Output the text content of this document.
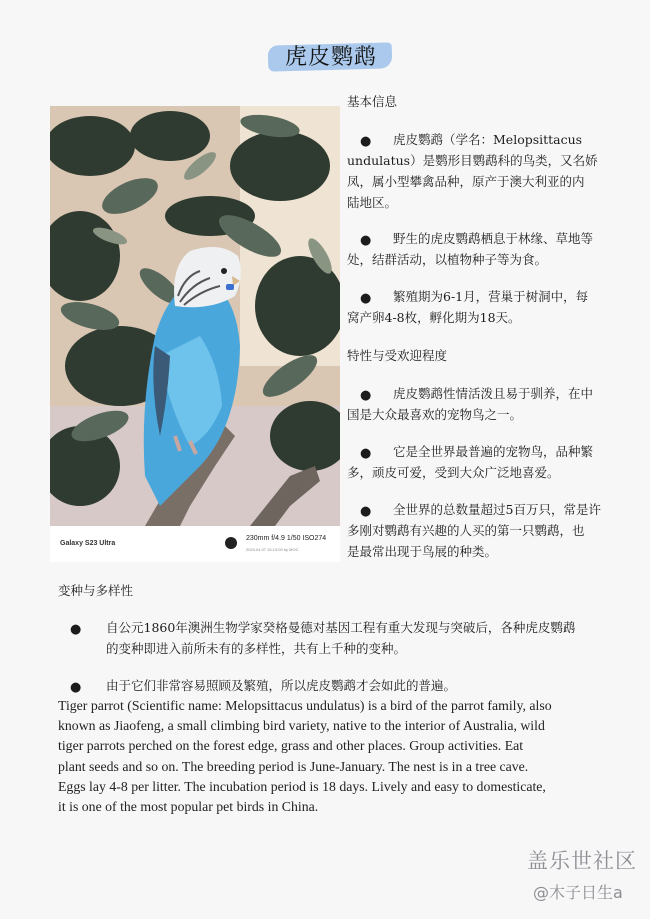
虎皮鹦鹉
Galaxy S23 Ultra
230mm f/4.9 1/50 ISO274
2024.04.07 15:13:00 by MOC
基本信息
● 虎皮鹦鹉（学名：Melopsittacus
undulatus）是鹦形目鹦鹉科的鸟类，又名娇
凤，属小型攀禽品种，原产于澳大利亚的内
陆地区。
● 野生的虎皮鹦鹉栖息于林缘、草地等
处，结群活动，以植物种子等为食。
● 繁殖期为6-1月，营巢于树洞中，每
窝产卵4-8枚，孵化期为18天。
特性与受欢迎程度
● 虎皮鹦鹉性情活泼且易于驯养，在中
国是大众最喜欢的宠物鸟之一。
● 它是全世界最普遍的宠物鸟，品种繁
多，顽皮可爱，受到大众广泛地喜爱。
● 全世界的总数量超过5百万只，常是许
多刚对鹦鹉有兴趣的人买的第一只鹦鹉，也
是最常出现于鸟展的种类。
变种与多样性
● 自公元1860年澳洲生物学家癸格曼德对基因工程有重大发现与突破后，各种虎皮鹦鹉
的变种即进入前所未有的多样性，共有上千种的变种。
● 由于它们非常容易照顾及繁殖，所以虎皮鹦鹉才会如此的普遍。
Tiger parrot (Scientific name: Melopsittacus undulatus) is a bird of the parrot family, also
known as Jiaofeng, a small climbing bird variety, native to the interior of Australia, wild
tiger parrots perched on the forest edge, grass and other places. Group activities. Eat
plant seeds and so on. The breeding period is June-January. The nest is in a tree cave.
Eggs lay 4-8 per litter. The incubation period is 18 days. Lively and easy to domesticate,
it is one of the most popular pet birds in China.
盖乐世社区
@木子日生a
